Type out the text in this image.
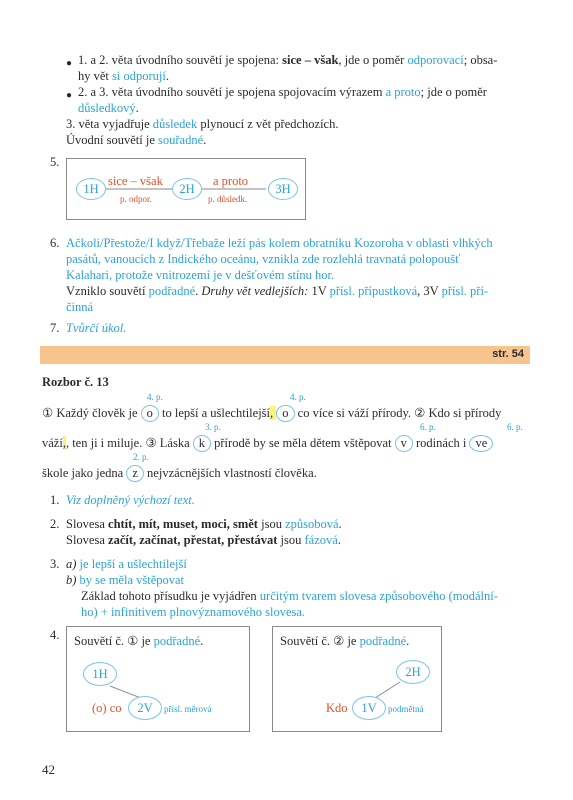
● 1. a 2. věta úvodního souvětí je spojena: sice – však, jde o poměr odporovací; obsa-
hy vět si odporují.
● 2. a 3. věta úvodního souvětí je spojena spojovacím výrazem a proto; jde o poměr
důsledkový.
3. věta vyjadřuje důsledek plynoucí z vět předchozích.
Úvodní souvětí je souřadné.
5.
1H	2H	3H
sice – však
p. odpor.
a proto
p. důsledk.
6. Ačkoli/Přestože/I když/Třebaže leží pás kolem obratníku Kozoroha v oblasti vlhkých
pasátů, vanoucích z Indického oceánu, vznikla zde rozlehlá travnatá polopoušť
Kalahari, protože vnitrozemí je v dešťovém stínu hor.
Vzniklo souvětí podřadné. Druhy vět vedlejších: 1V přísl. přípustková, 3V přísl. pří-
činná
7. Tvůrčí úkol.
str. 54
Rozbor č. 13
4. p.	4. p.
① Každý člověk je o to lepší a ušlechtilejší, o co více si váží přírody. ② Kdo si přírody
3. p.	6. p.	6. p.
váží,, ten ji i miluje. ③ Láska k přírodě by se měla dětem vštěpovat v rodinách i ve
2. p.
škole jako jedna z nejvzácnějších vlastností člověka.
1. Viz doplněný výchozí text.
2. Slovesa chtít, mít, muset, moci, smět jsou způsobová.
Slovesa začít, začínat, přestat, přestávat jsou fázová.
3. a) je lepší a ušlechtilejší
b) by se měla vštěpovat
Základ tohoto přísudku je vyjádřen určitým tvarem slovesa způsobového (modální-
ho) + infinitivem plnovýznamového slovesa.
4. Souvětí č. ① je podřadné.
1H
(o) co	2V	přísl. měrová
Souvětí č. ② je podřadné.
2H
Kdo	1V	podmětná
42
